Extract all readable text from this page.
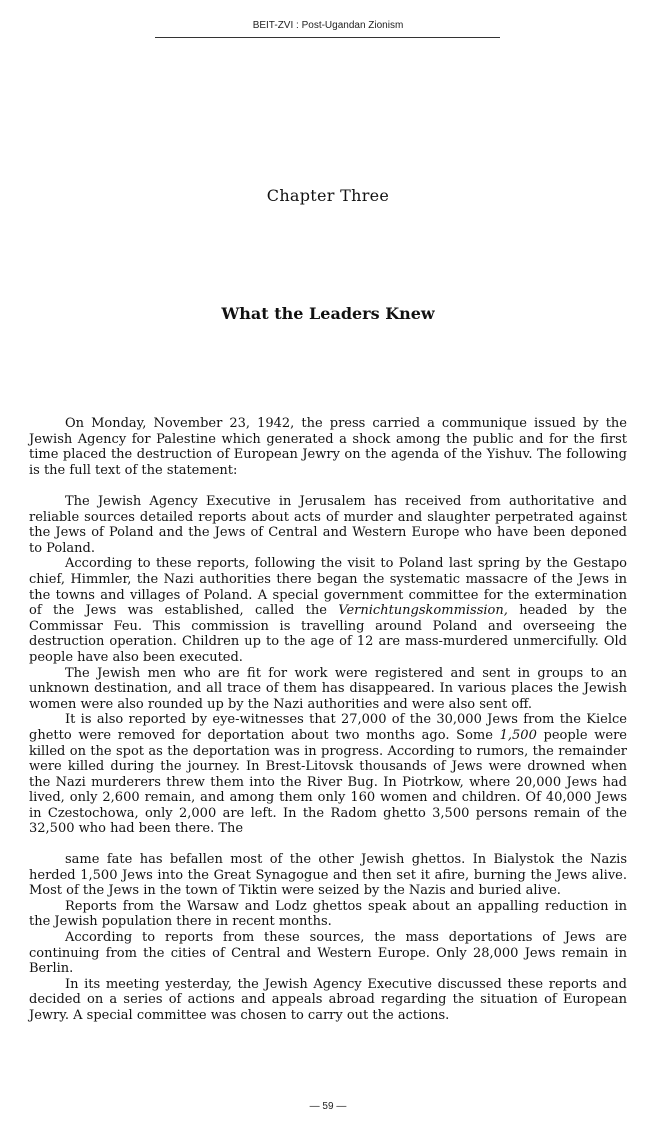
BEIT-ZVI : Post-Ugandan Zionism
Chapter Three
What the Leaders Knew

On Monday, November 23, 1942, the press carried a communique issued by the Jewish Agency for Palestine which generated a shock among the public and for the first time placed the destruction of European Jewry on the agenda of the Yishuv. The following is the full text of the statement:

The Jewish Agency Executive in Jerusalem has received from authoritative and reliable sources detailed reports about acts of murder and slaughter perpetrated against the Jews of Poland and the Jews of Central and Western Europe who have been deponed to Poland.

According to these reports, following the visit to Poland last spring by the Gestapo chief, Himmler, the Nazi authorities there began the systematic massacre of the Jews in the towns and villages of Poland. A special government committee for the extermination of the Jews was established, called the Vernichtungskommission, headed by the Commissar Feu. This commission is travelling around Poland and overseeing the destruction operation. Children up to the age of 12 are mass-murdered unmercifully. Old people have also been executed.

The Jewish men who are fit for work were registered and sent in groups to an unknown destination, and all trace of them has disappeared. In various places the Jewish women were also rounded up by the Nazi authorities and were also sent off.

It is also reported by eye-witnesses that 27,000 of the 30,000 Jews from the Kielce ghetto were removed for deportation about two months ago. Some 1,500 people were killed on the spot as the deportation was in progress. According to rumors, the remainder were killed during the journey. In Brest-Litovsk thousands of Jews were drowned when the Nazi murderers threw them into the River Bug. In Piotrkow, where 20,000 Jews had lived, only 2,600 remain, and among them only 160 women and children. Of 40,000 Jews in Czestochowa, only 2,000 are left. In the Radom ghetto 3,500 persons remain of the 32,500 who had been there. The

same fate has befallen most of the other Jewish ghettos. In Bialystok the Nazis herded 1,500 Jews into the Great Synagogue and then set it afire, burning the Jews alive. Most of the Jews in the town of Tiktin were seized by the Nazis and buried alive.

Reports from the Warsaw and Lodz ghettos speak about an appalling reduction in the Jewish population there in recent months.

According to reports from these sources, the mass deportations of Jews are continuing from the cities of Central and Western Europe. Only 28,000 Jews remain in Berlin.

In its meeting yesterday, the Jewish Agency Executive discussed these reports and decided on a series of actions and appeals abroad regarding the situation of European Jewry. A special committee was chosen to carry out the actions.

— 59 —
